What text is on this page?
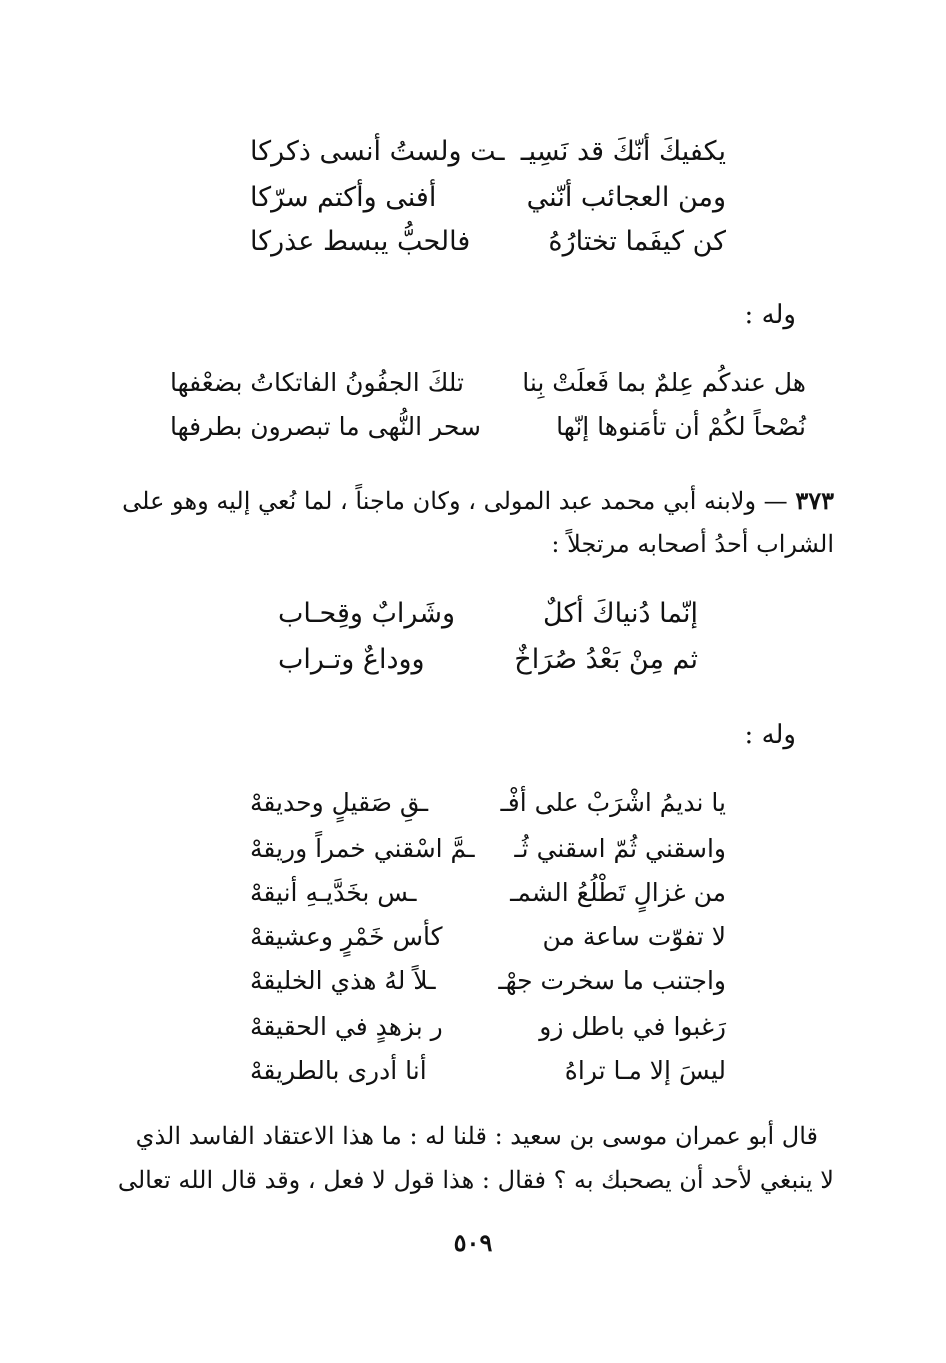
يكفيكَ أنّكَ قد نَسِيـ
ـت ولستُ أنسى ذكركا
ومن العجائب أنّني
أفنى وأكتم سرّكا
كن كيفَما تختارُهُ
فالحبُّ يبسط عذركا
وله :
هل عندكُم عِلمٌ بما فَعلَتْ بِنا
تلكَ الجفُونُ الفاتكاتُ بضعْفها
نُصْحاً لكُمْ أن تأمَنوها إنّها
سحر النُّهى ما تبصرون بطرفها
٣٧٣ — ولابنه أبي محمد عبد المولى ، وكان ماجناً ، لما نُعي إليه وهو على
الشراب أحدُ أصحابه مرتجلاً :
إنّما دُنياكَ أكلٌ
وشَرابٌ وقِحـاب
ثم مِنْ بَعْدُ صُرَاخٌ
ووداعٌ وتـراب
وله :
يا نديمُ اشْرَبْ على أفْـ
ـقِ صَقيلٍ وحديقهْ
واسقني ثُمّ اسقني ثُـ
ـمَّ اسْقني خمراً وريقهْ
من غزالٍ تَطْلُعُ الشمـ
ـس بخَدَّيـهِ أنيقهْ
لا تفوّت ساعة من
كأس خَمْرٍ وعشيقهْ
واجتنب ما سخرت جهْـ
ـلاً لهُ هذي الخليقهْ
رَغبوا في باطل زو
ر بزهدٍ في الحقيقهْ
ليسَ إلا مـا تراهُ
أنا أدرى بالطريقهْ
قال أبو عمران موسى بن سعيد : قلنا له : ما هذا الاعتقاد الفاسد الذي
لا ينبغي لأحد أن يصحبك به ؟ فقال : هذا قول لا فعل ، وقد قال الله تعالى
٥٠٩
